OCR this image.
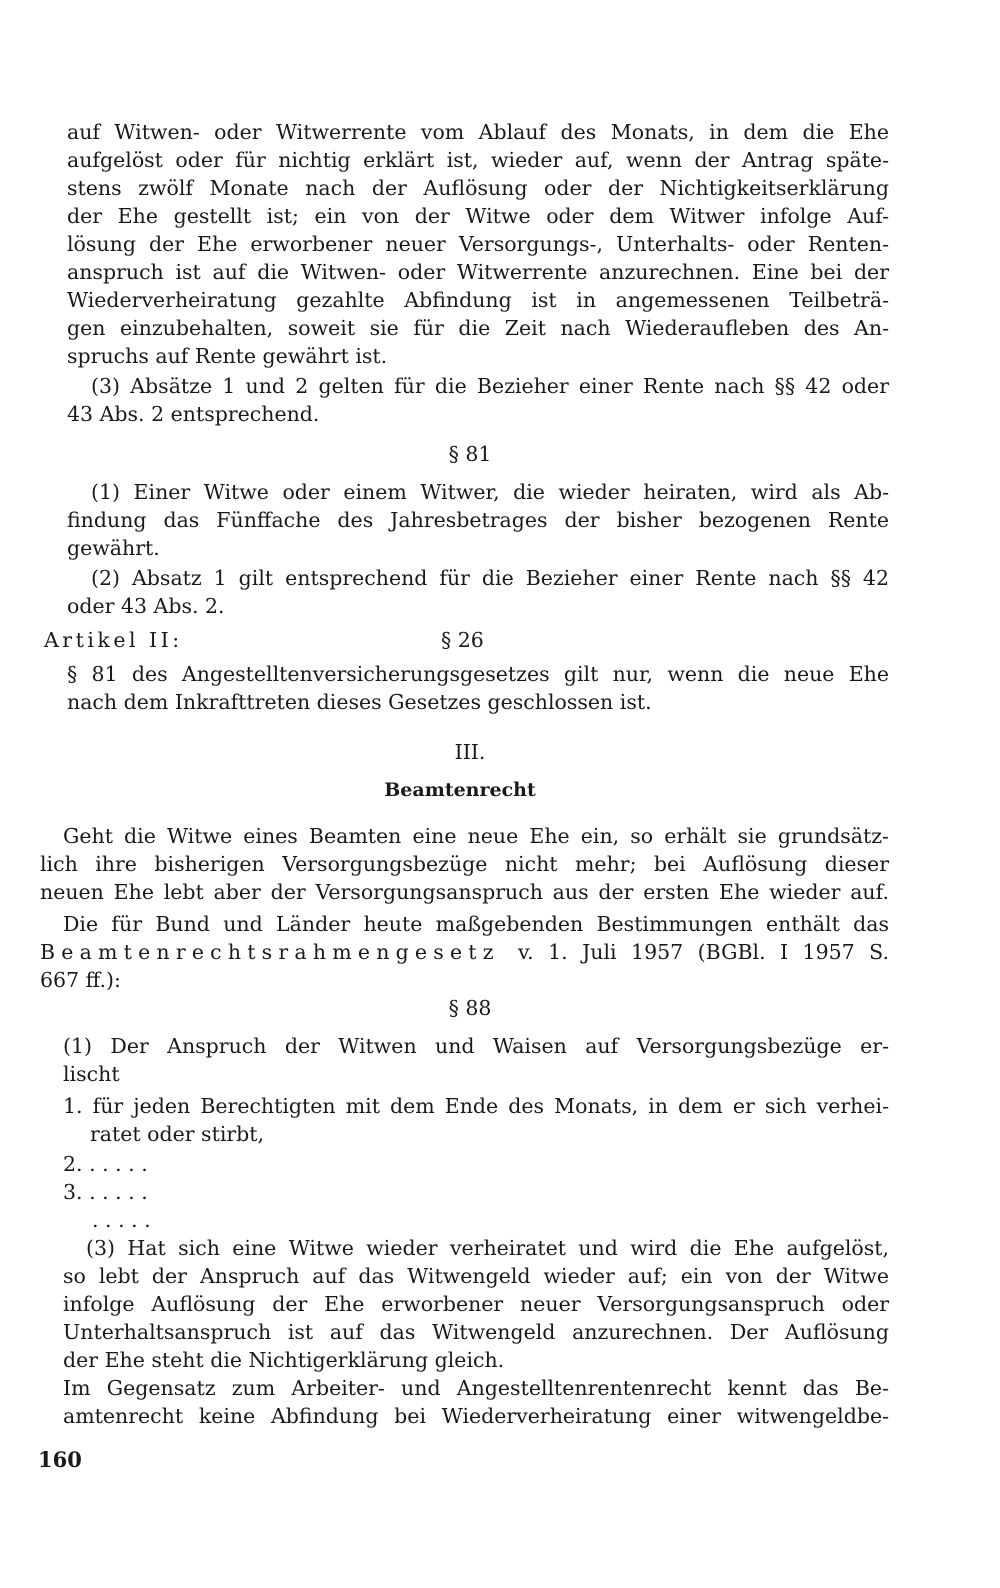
auf Witwen- oder Witwerrente vom Ablauf des Monats, in dem die Ehe
aufgelöst oder für nichtig erklärt ist, wieder auf, wenn der Antrag späte-
stens zwölf Monate nach der Auflösung oder der Nichtigkeitserklärung
der Ehe gestellt ist; ein von der Witwe oder dem Witwer infolge Auf-
lösung der Ehe erworbener neuer Versorgungs-, Unterhalts- oder Renten-
anspruch ist auf die Witwen- oder Witwerrente anzurechnen. Eine bei der
Wiederverheiratung gezahlte Abfindung ist in angemessenen Teilbeträ-
gen einzubehalten, soweit sie für die Zeit nach Wiederaufleben des An-
spruchs auf Rente gewährt ist.
(3) Absätze 1 und 2 gelten für die Bezieher einer Rente nach §§ 42 oder
43 Abs. 2 entsprechend.
§ 81
(1) Einer Witwe oder einem Witwer, die wieder heiraten, wird als Ab-
findung das Fünffache des Jahresbetrages der bisher bezogenen Rente
gewährt.
(2) Absatz 1 gilt entsprechend für die Bezieher einer Rente nach §§ 42
oder 43 Abs. 2.
Artikel II:	§ 26
§ 81 des Angestelltenversicherungsgesetzes gilt nur, wenn die neue Ehe
nach dem Inkrafttreten dieses Gesetzes geschlossen ist.
III.
Beamtenrecht
Geht die Witwe eines Beamten eine neue Ehe ein, so erhält sie grundsätz-
lich ihre bisherigen Versorgungsbezüge nicht mehr; bei Auflösung dieser
neuen Ehe lebt aber der Versorgungsanspruch aus der ersten Ehe wieder auf.
Die für Bund und Länder heute maßgebenden Bestimmungen enthält das
Beamtenrechtsrahmengesetz v. 1. Juli 1957 (BGBl. I 1957 S.
667 ff.):
§ 88
(1) Der Anspruch der Witwen und Waisen auf Versorgungsbezüge er-
lischt
1. für jeden Berechtigten mit dem Ende des Monats, in dem er sich verhei-
ratet oder stirbt,
2. . . . . .
3. . . . . .
. . . . .
(3) Hat sich eine Witwe wieder verheiratet und wird die Ehe aufgelöst,
so lebt der Anspruch auf das Witwengeld wieder auf; ein von der Witwe
infolge Auflösung der Ehe erworbener neuer Versorgungsanspruch oder
Unterhaltsanspruch ist auf das Witwengeld anzurechnen. Der Auflösung
der Ehe steht die Nichtigerklärung gleich.
Im Gegensatz zum Arbeiter- und Angestelltenrentenrecht kennt das Be-
amtenrecht keine Abfindung bei Wiederverheiratung einer witwengeldbe-
160
